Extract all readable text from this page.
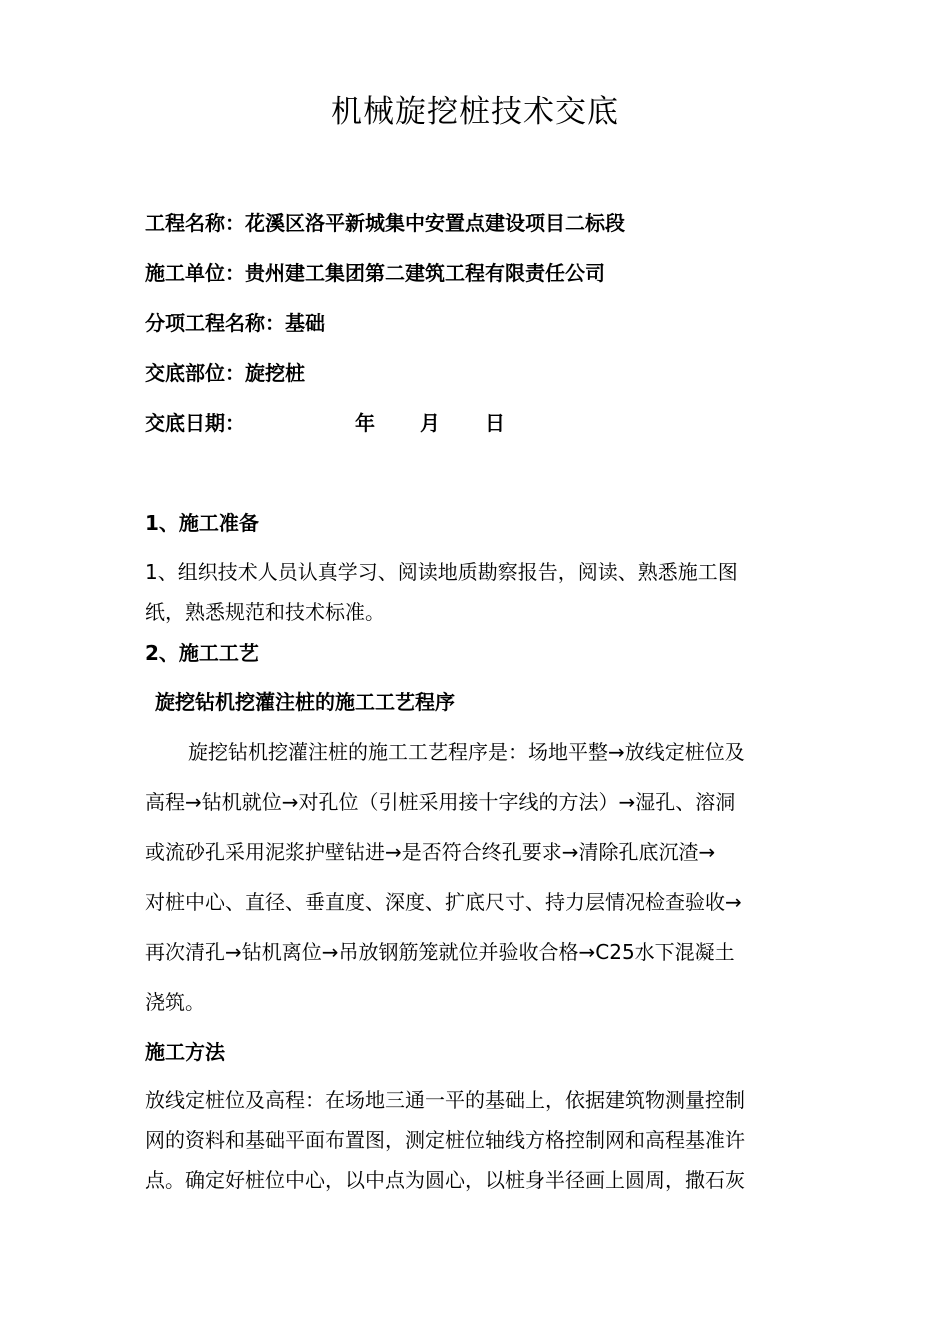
机械旋挖桩技术交底
工程名称：花溪区洛平新城集中安置点建设项目二标段
施工单位：贵州建工集团第二建筑工程有限责任公司
分项工程名称：基础
交底部位：旋挖桩
交底日期：	年 月 日
1、施工准备
1、组织技术人员认真学习、阅读地质勘察报告，阅读、熟悉施工图
纸，熟悉规范和技术标准。
2、施工工艺
旋挖钻机挖灌注桩的施工工艺程序
旋挖钻机挖灌注桩的施工工艺程序是：场地平整→放线定桩位及
高程→钻机就位→对孔位（引桩采用接十字线的方法）→湿孔、溶洞
或流砂孔采用泥浆护壁钻进→是否符合终孔要求→清除孔底沉渣→
对桩中心、直径、垂直度、深度、扩底尺寸、持力层情况检查验收→
再次清孔→钻机离位→吊放钢筋笼就位并验收合格→C25水下混凝土
浇筑。
施工方法
放线定桩位及高程：在场地三通一平的基础上，依据建筑物测量控制
网的资料和基础平面布置图，测定桩位轴线方格控制网和高程基准许
点。确定好桩位中心，以中点为圆心，以桩身半径画上圆周，撒石灰
